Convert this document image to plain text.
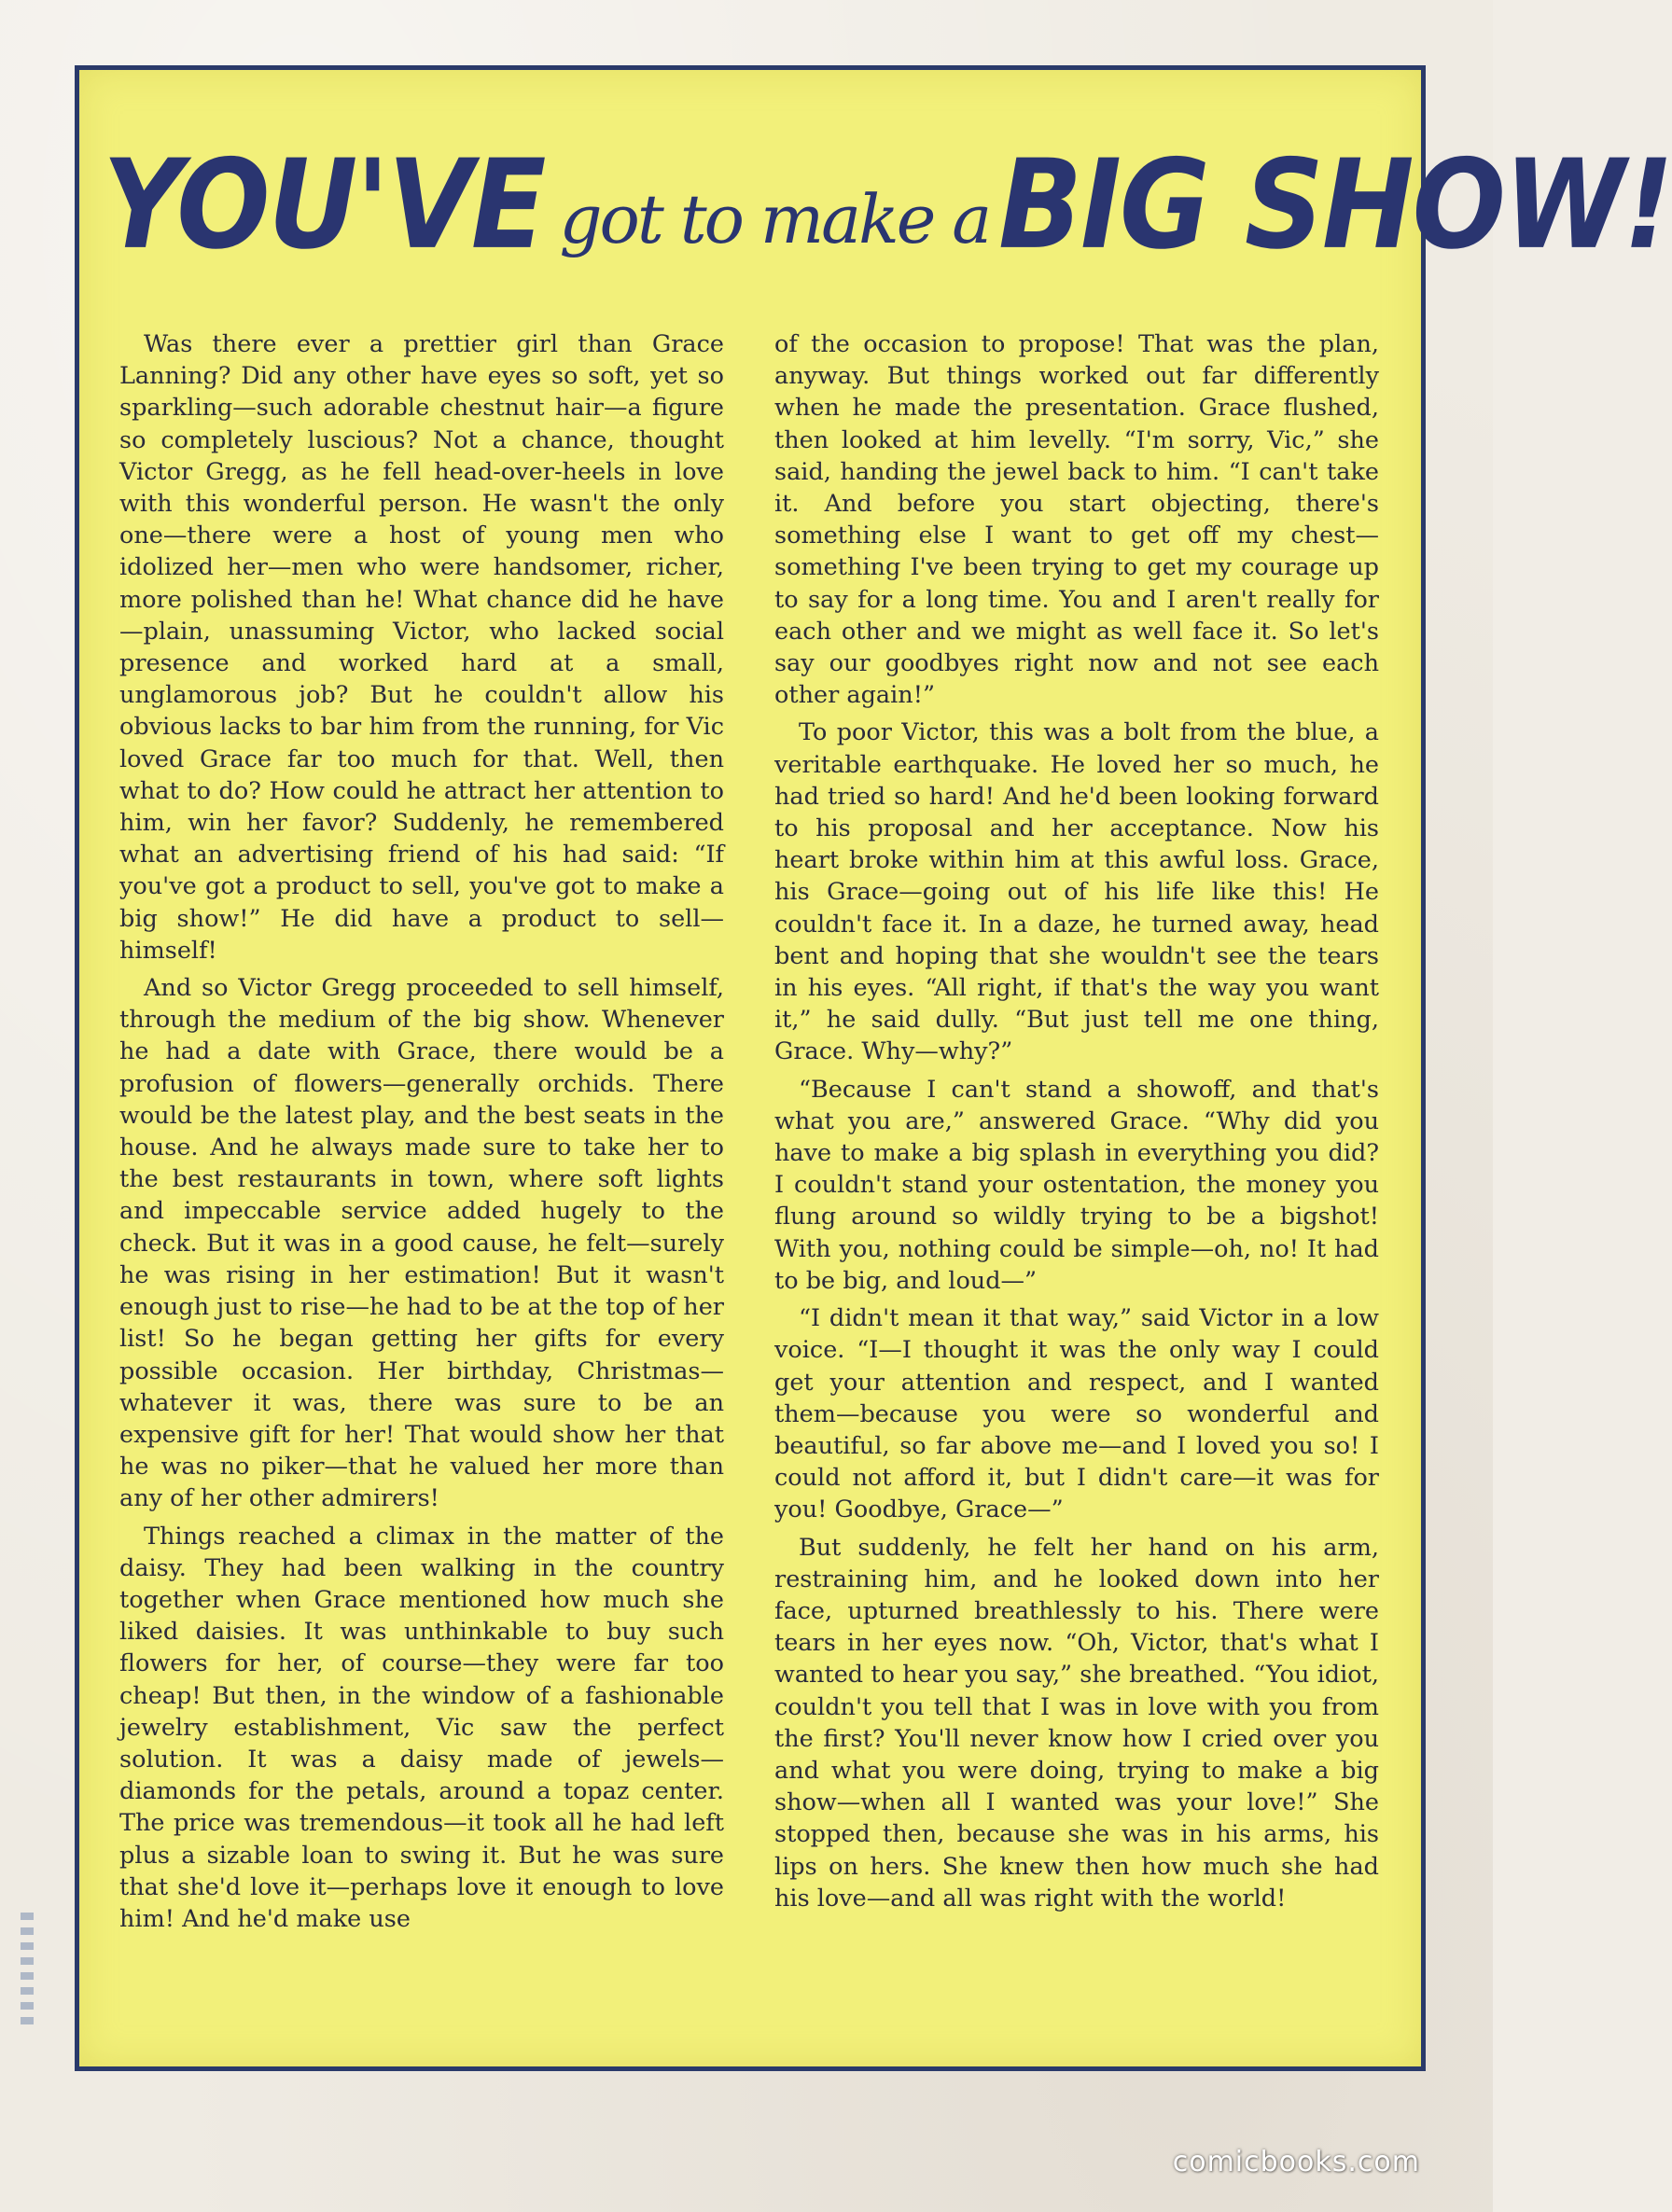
YOU'VE got to make a BIG SHOW!

Was there ever a prettier girl than Grace Lanning? Did any other have eyes so soft, yet so sparkling—such adorable chestnut hair—a figure so completely luscious? Not a chance, thought Victor Gregg, as he fell head-over-heels in love with this wonderful person. He wasn't the only one—there were a host of young men who idolized her—men who were handsomer, richer, more polished than he! What chance did he have—plain, unassuming Victor, who lacked social presence and worked hard at a small, unglamorous job? But he couldn't allow his obvious lacks to bar him from the running, for Vic loved Grace far too much for that. Well, then what to do? How could he attract her attention to him, win her favor? Suddenly, he remembered what an advertising friend of his had said: “If you've got a product to sell, you've got to make a big show!” He did have a product to sell—himself!

And so Victor Gregg proceeded to sell himself, through the medium of the big show. Whenever he had a date with Grace, there would be a profusion of flowers—generally orchids. There would be the latest play, and the best seats in the house. And he always made sure to take her to the best restaurants in town, where soft lights and impeccable service added hugely to the check. But it was in a good cause, he felt—surely he was rising in her estimation! But it wasn't enough just to rise—he had to be at the top of her list! So he began getting her gifts for every possible occasion. Her birthday, Christmas—whatever it was, there was sure to be an expensive gift for her! That would show her that he was no piker—that he valued her more than any of her other admirers!

Things reached a climax in the matter of the daisy. They had been walking in the country together when Grace mentioned how much she liked daisies. It was unthinkable to buy such flowers for her, of course—they were far too cheap! But then, in the window of a fashionable jewelry establishment, Vic saw the perfect solution. It was a daisy made of jewels—diamonds for the petals, around a topaz center. The price was tremendous—it took all he had left plus a sizable loan to swing it. But he was sure that she'd love it—perhaps love it enough to love him! And he'd make use

of the occasion to propose! That was the plan, anyway. But things worked out far differently when he made the presentation. Grace flushed, then looked at him levelly. “I'm sorry, Vic,” she said, handing the jewel back to him. “I can't take it. And before you start objecting, there's something else I want to get off my chest—something I've been trying to get my courage up to say for a long time. You and I aren't really for each other and we might as well face it. So let's say our goodbyes right now and not see each other again!”

To poor Victor, this was a bolt from the blue, a veritable earthquake. He loved her so much, he had tried so hard! And he'd been looking forward to his proposal and her acceptance. Now his heart broke within him at this awful loss. Grace, his Grace—going out of his life like this! He couldn't face it. In a daze, he turned away, head bent and hoping that she wouldn't see the tears in his eyes. “All right, if that's the way you want it,” he said dully. “But just tell me one thing, Grace. Why—why?”

“Because I can't stand a showoff, and that's what you are,” answered Grace. “Why did you have to make a big splash in everything you did? I couldn't stand your ostentation, the money you flung around so wildly trying to be a bigshot! With you, nothing could be simple—oh, no! It had to be big, and loud—”

“I didn't mean it that way,” said Victor in a low voice. “I—I thought it was the only way I could get your attention and respect, and I wanted them—because you were so wonderful and beautiful, so far above me—and I loved you so! I could not afford it, but I didn't care—it was for you! Goodbye, Grace—”

But suddenly, he felt her hand on his arm, restraining him, and he looked down into her face, upturned breathlessly to his. There were tears in her eyes now. “Oh, Victor, that's what I wanted to hear you say,” she breathed. “You idiot, couldn't you tell that I was in love with you from the first? You'll never know how I cried over you and what you were doing, trying to make a big show—when all I wanted was your love!” She stopped then, because she was in his arms, his lips on hers. She knew then how much she had his love—and all was right with the world!

comicbooks.com
